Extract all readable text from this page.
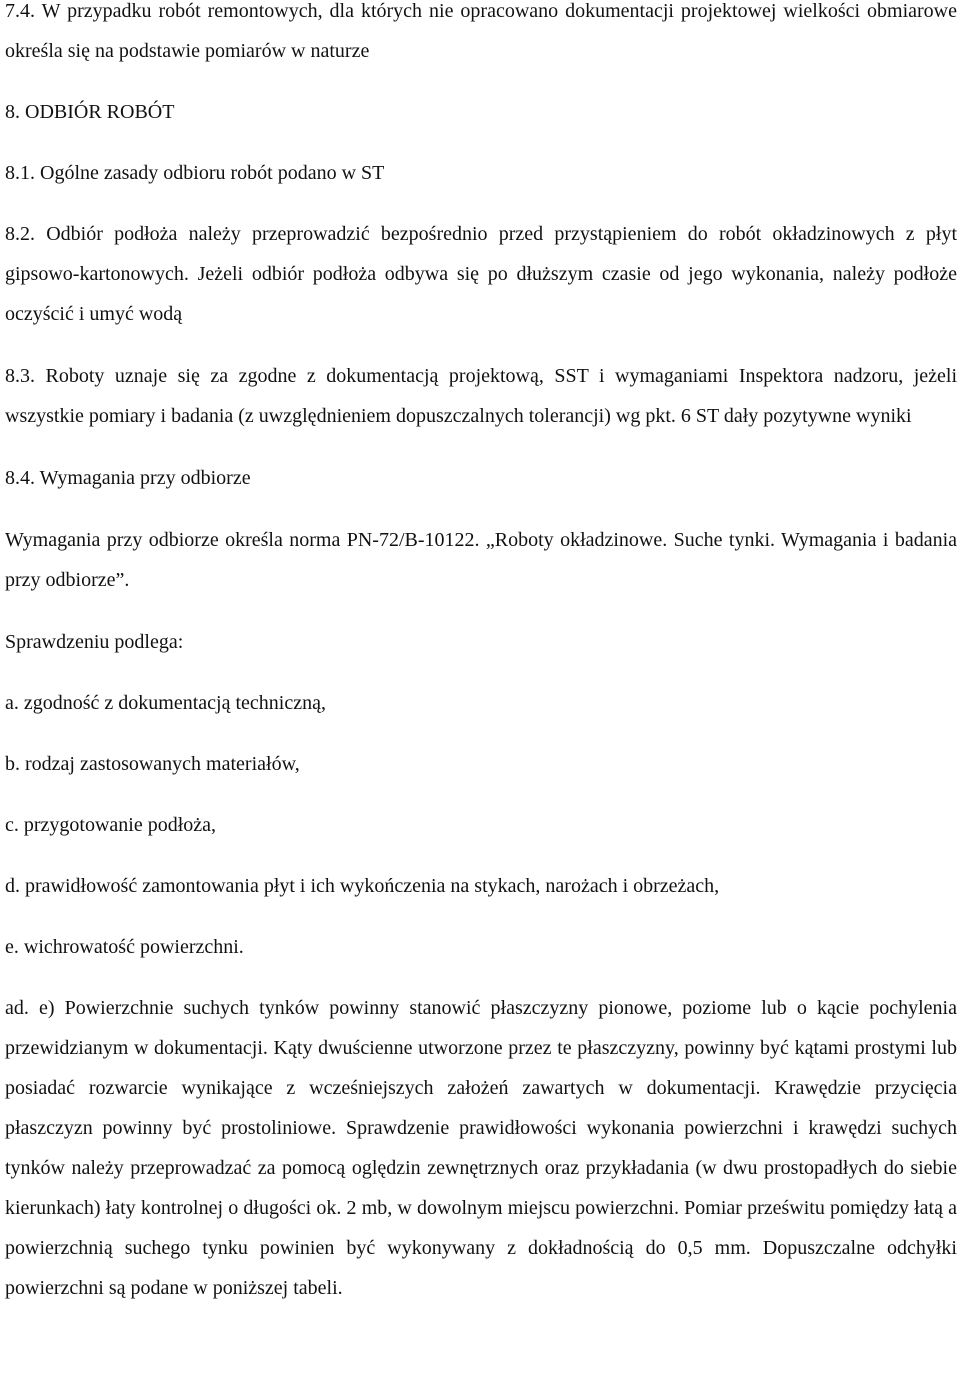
7.4. W przypadku robót remontowych, dla których nie opracowano dokumentacji projektowej wielkości obmiarowe określa się na podstawie pomiarów w naturze

8. ODBIÓR ROBÓT

8.1. Ogólne zasady odbioru robót podano w ST

8.2. Odbiór podłoża należy przeprowadzić bezpośrednio przed przystąpieniem do robót okładzinowych z płyt gipsowo-kartonowych. Jeżeli odbiór podłoża odbywa się po dłuższym czasie od jego wykonania, należy podłoże oczyścić i umyć wodą

8.3. Roboty uznaje się za zgodne z dokumentacją projektową, SST i wymaganiami Inspektora nadzoru, jeżeli wszystkie pomiary i badania (z uwzględnieniem dopuszczalnych tolerancji) wg pkt. 6 ST dały pozytywne wyniki

8.4. Wymagania przy odbiorze

Wymagania przy odbiorze określa norma PN-72/B-10122. „Roboty okładzinowe. Suche tynki. Wymagania i badania przy odbiorze”.

Sprawdzeniu podlega:

a. zgodność z dokumentacją techniczną,

b. rodzaj zastosowanych materiałów,

c. przygotowanie podłoża,

d. prawidłowość zamontowania płyt i ich wykończenia na stykach, narożach i obrzeżach,

e. wichrowatość powierzchni.

ad. e) Powierzchnie suchych tynków powinny stanowić płaszczyzny pionowe, poziome lub o kącie pochylenia przewidzianym w dokumentacji. Kąty dwuścienne utworzone przez te płaszczyzny, powinny być kątami prostymi lub posiadać rozwarcie wynikające z wcześniejszych założeń zawartych w dokumentacji. Krawędzie przycięcia płaszczyzn powinny być prostoliniowe. Sprawdzenie prawidłowości wykonania powierzchni i krawędzi suchych tynków należy przeprowadzać za pomocą oględzin zewnętrznych oraz przykładania (w dwu prostopadłych do siebie kierunkach) łaty kontrolnej o długości ok. 2 mb, w dowolnym miejscu powierzchni. Pomiar prześwitu pomiędzy łatą a powierzchnią suchego tynku powinien być wykonywany z dokładnością do 0,5 mm. Dopuszczalne odchyłki powierzchni są podane w poniższej tabeli.
